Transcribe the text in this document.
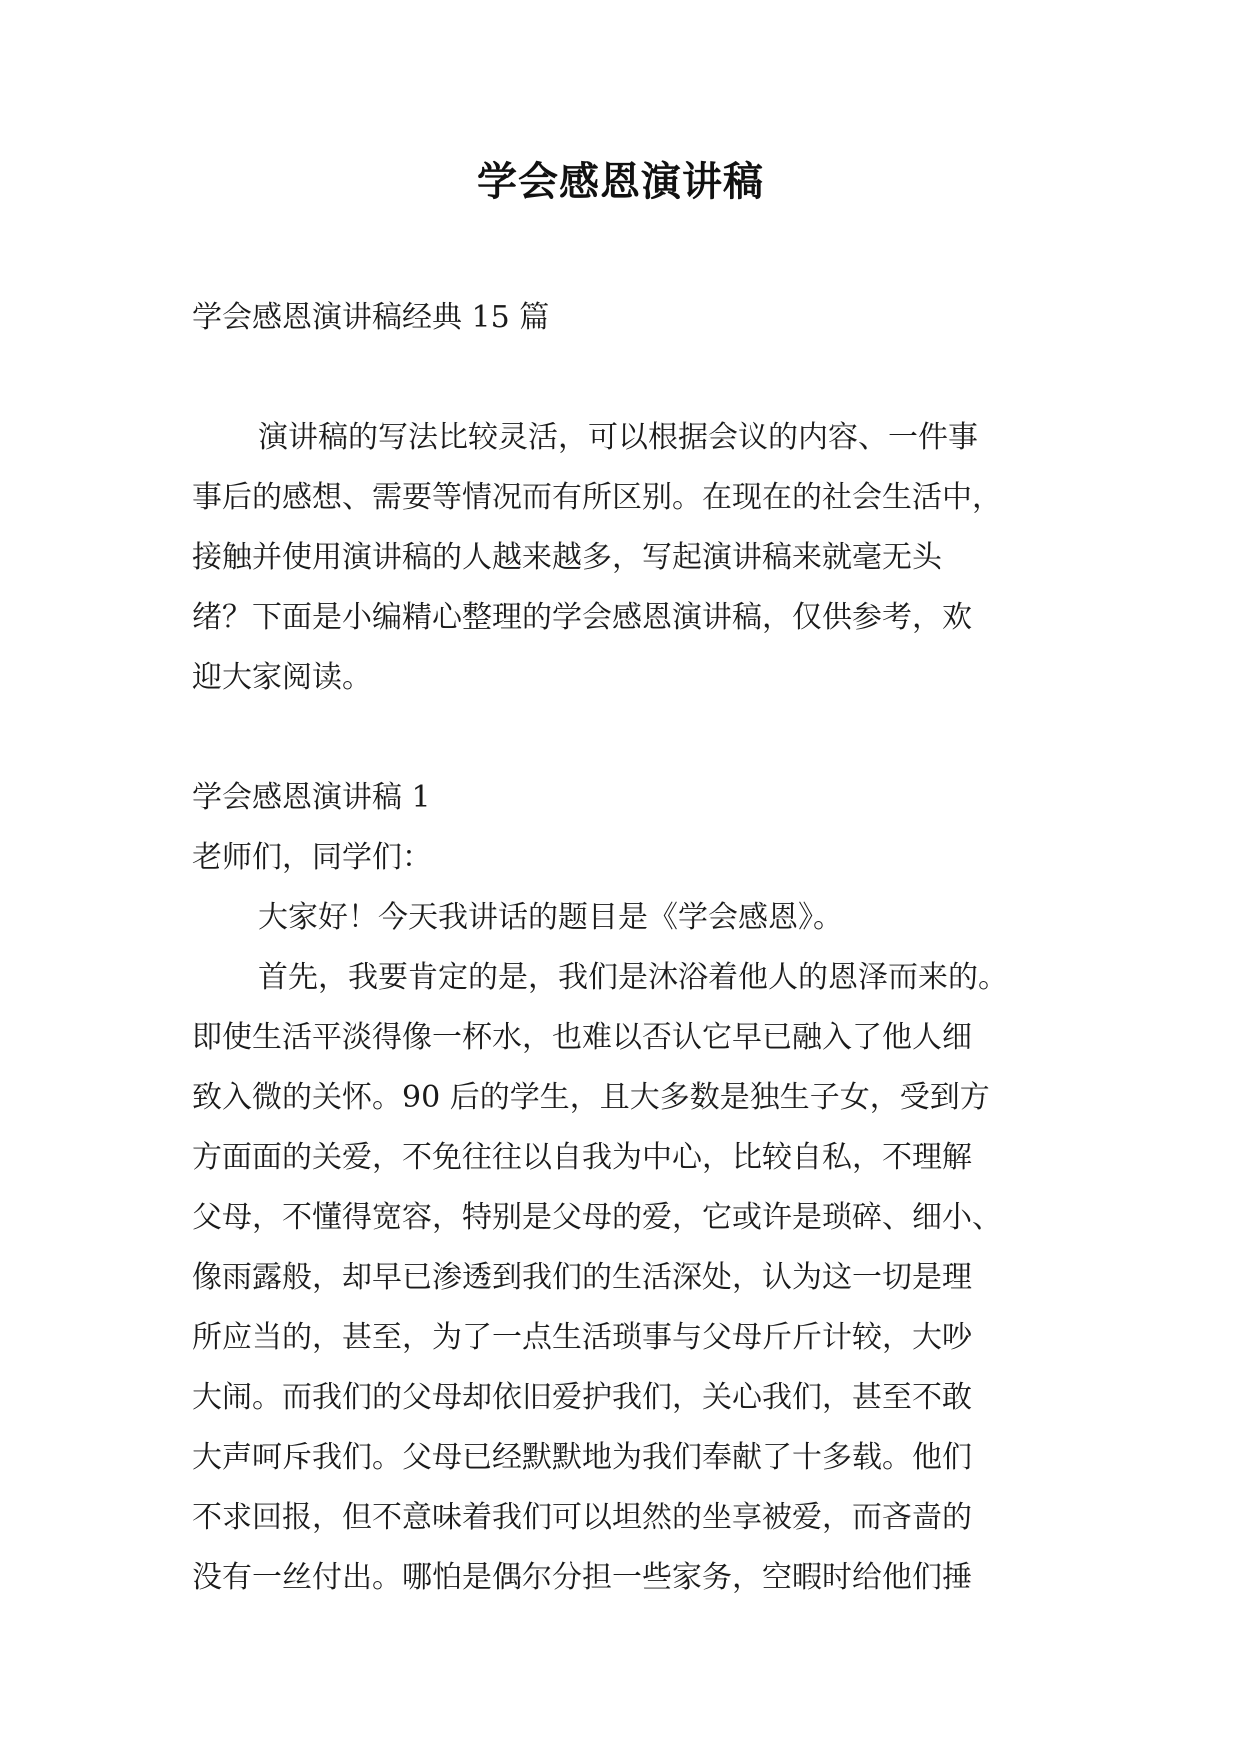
学会感恩演讲稿

学会感恩演讲稿经典 15 篇

演讲稿的写法比较灵活，可以根据会议的内容、一件事

事后的感想、需要等情况而有所区别。在现在的社会生活中，

接触并使用演讲稿的人越来越多，写起演讲稿来就毫无头

绪？下面是小编精心整理的学会感恩演讲稿，仅供参考，欢

迎大家阅读。

学会感恩演讲稿 1

老师们，同学们：

大家好！今天我讲话的题目是《学会感恩》。

首先，我要肯定的是，我们是沐浴着他人的恩泽而来的。

即使生活平淡得像一杯水，也难以否认它早已融入了他人细

致入微的关怀。90 后的学生，且大多数是独生子女，受到方

方面面的关爱，不免往往以自我为中心，比较自私，不理解

父母，不懂得宽容，特别是父母的爱，它或许是琐碎、细小、

像雨露般，却早已渗透到我们的生活深处，认为这一切是理

所应当的，甚至，为了一点生活琐事与父母斤斤计较，大吵

大闹。而我们的父母却依旧爱护我们，关心我们，甚至不敢

大声呵斥我们。父母已经默默地为我们奉献了十多载。他们

不求回报，但不意味着我们可以坦然的坐享被爱，而吝啬的

没有一丝付出。哪怕是偶尔分担一些家务，空暇时给他们捶
